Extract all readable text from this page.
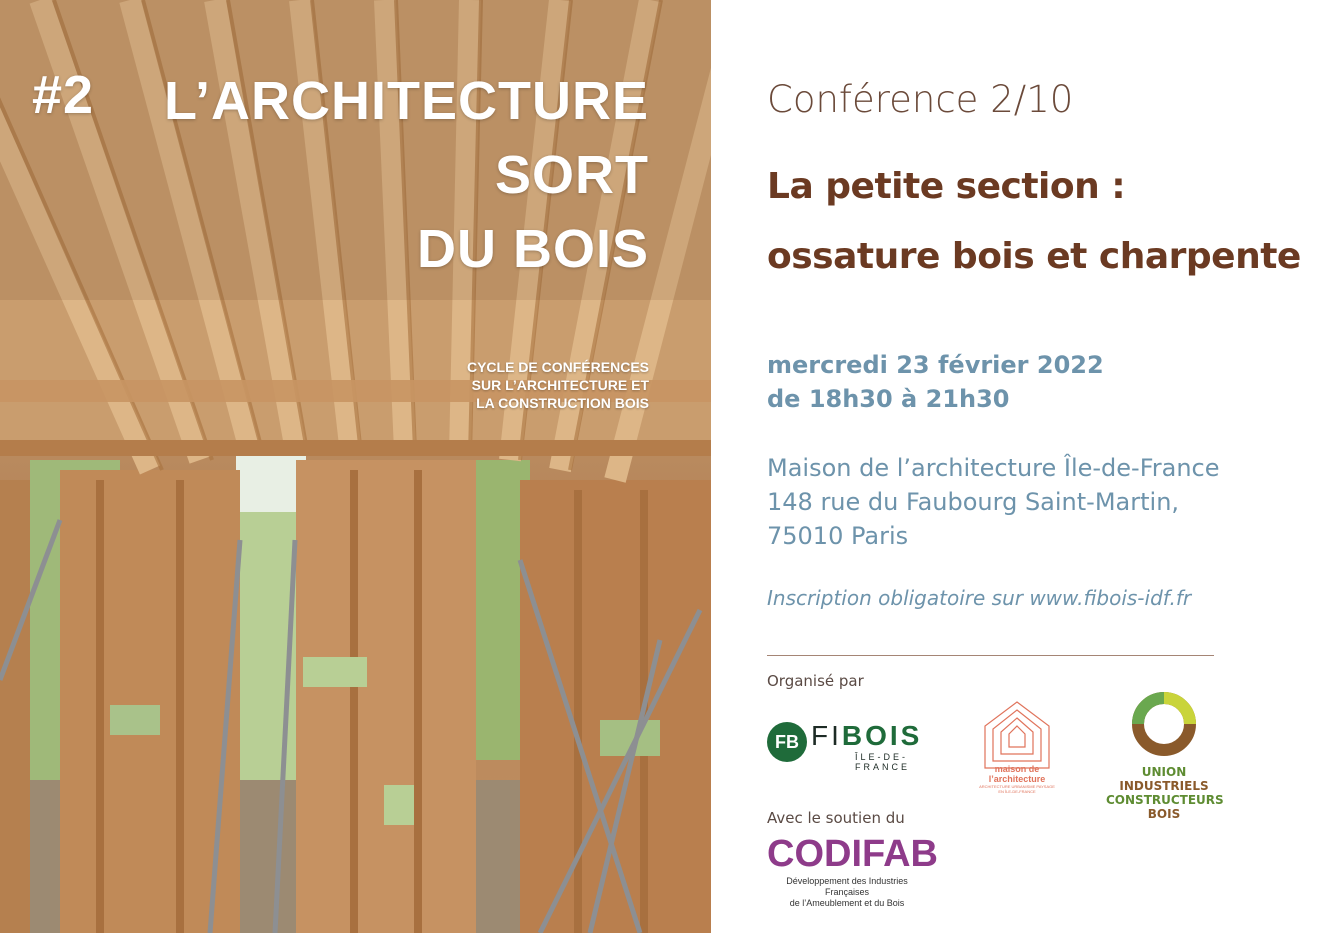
#2	L’ARCHITECTURE
SORT
DU BOIS
CYCLE DE CONFÉRENCES
SUR L’ARCHITECTURE ET
LA CONSTRUCTION BOIS
Conférence 2/10
La petite section :
ossature bois et charpente
mercredi 23 février 2022
de 18h30 à 21h30
Maison de l’architecture Île-de-France
148 rue du Faubourg Saint-Martin,
75010 Paris
Inscription obligatoire sur www.fibois-idf.fr
Organisé par
FB FIBOIS
ÎLE-DE-FRANCE	maison de
l’architecture
ARCHITECTURE URBANISME PAYSAGE EN ÎLE-DE-FRANCE
UNION INDUSTRIELS
CONSTRUCTEURS BOIS
Avec le soutien du
CODIFAB
Développement des Industries Françaises
de l’Ameublement et du Bois
